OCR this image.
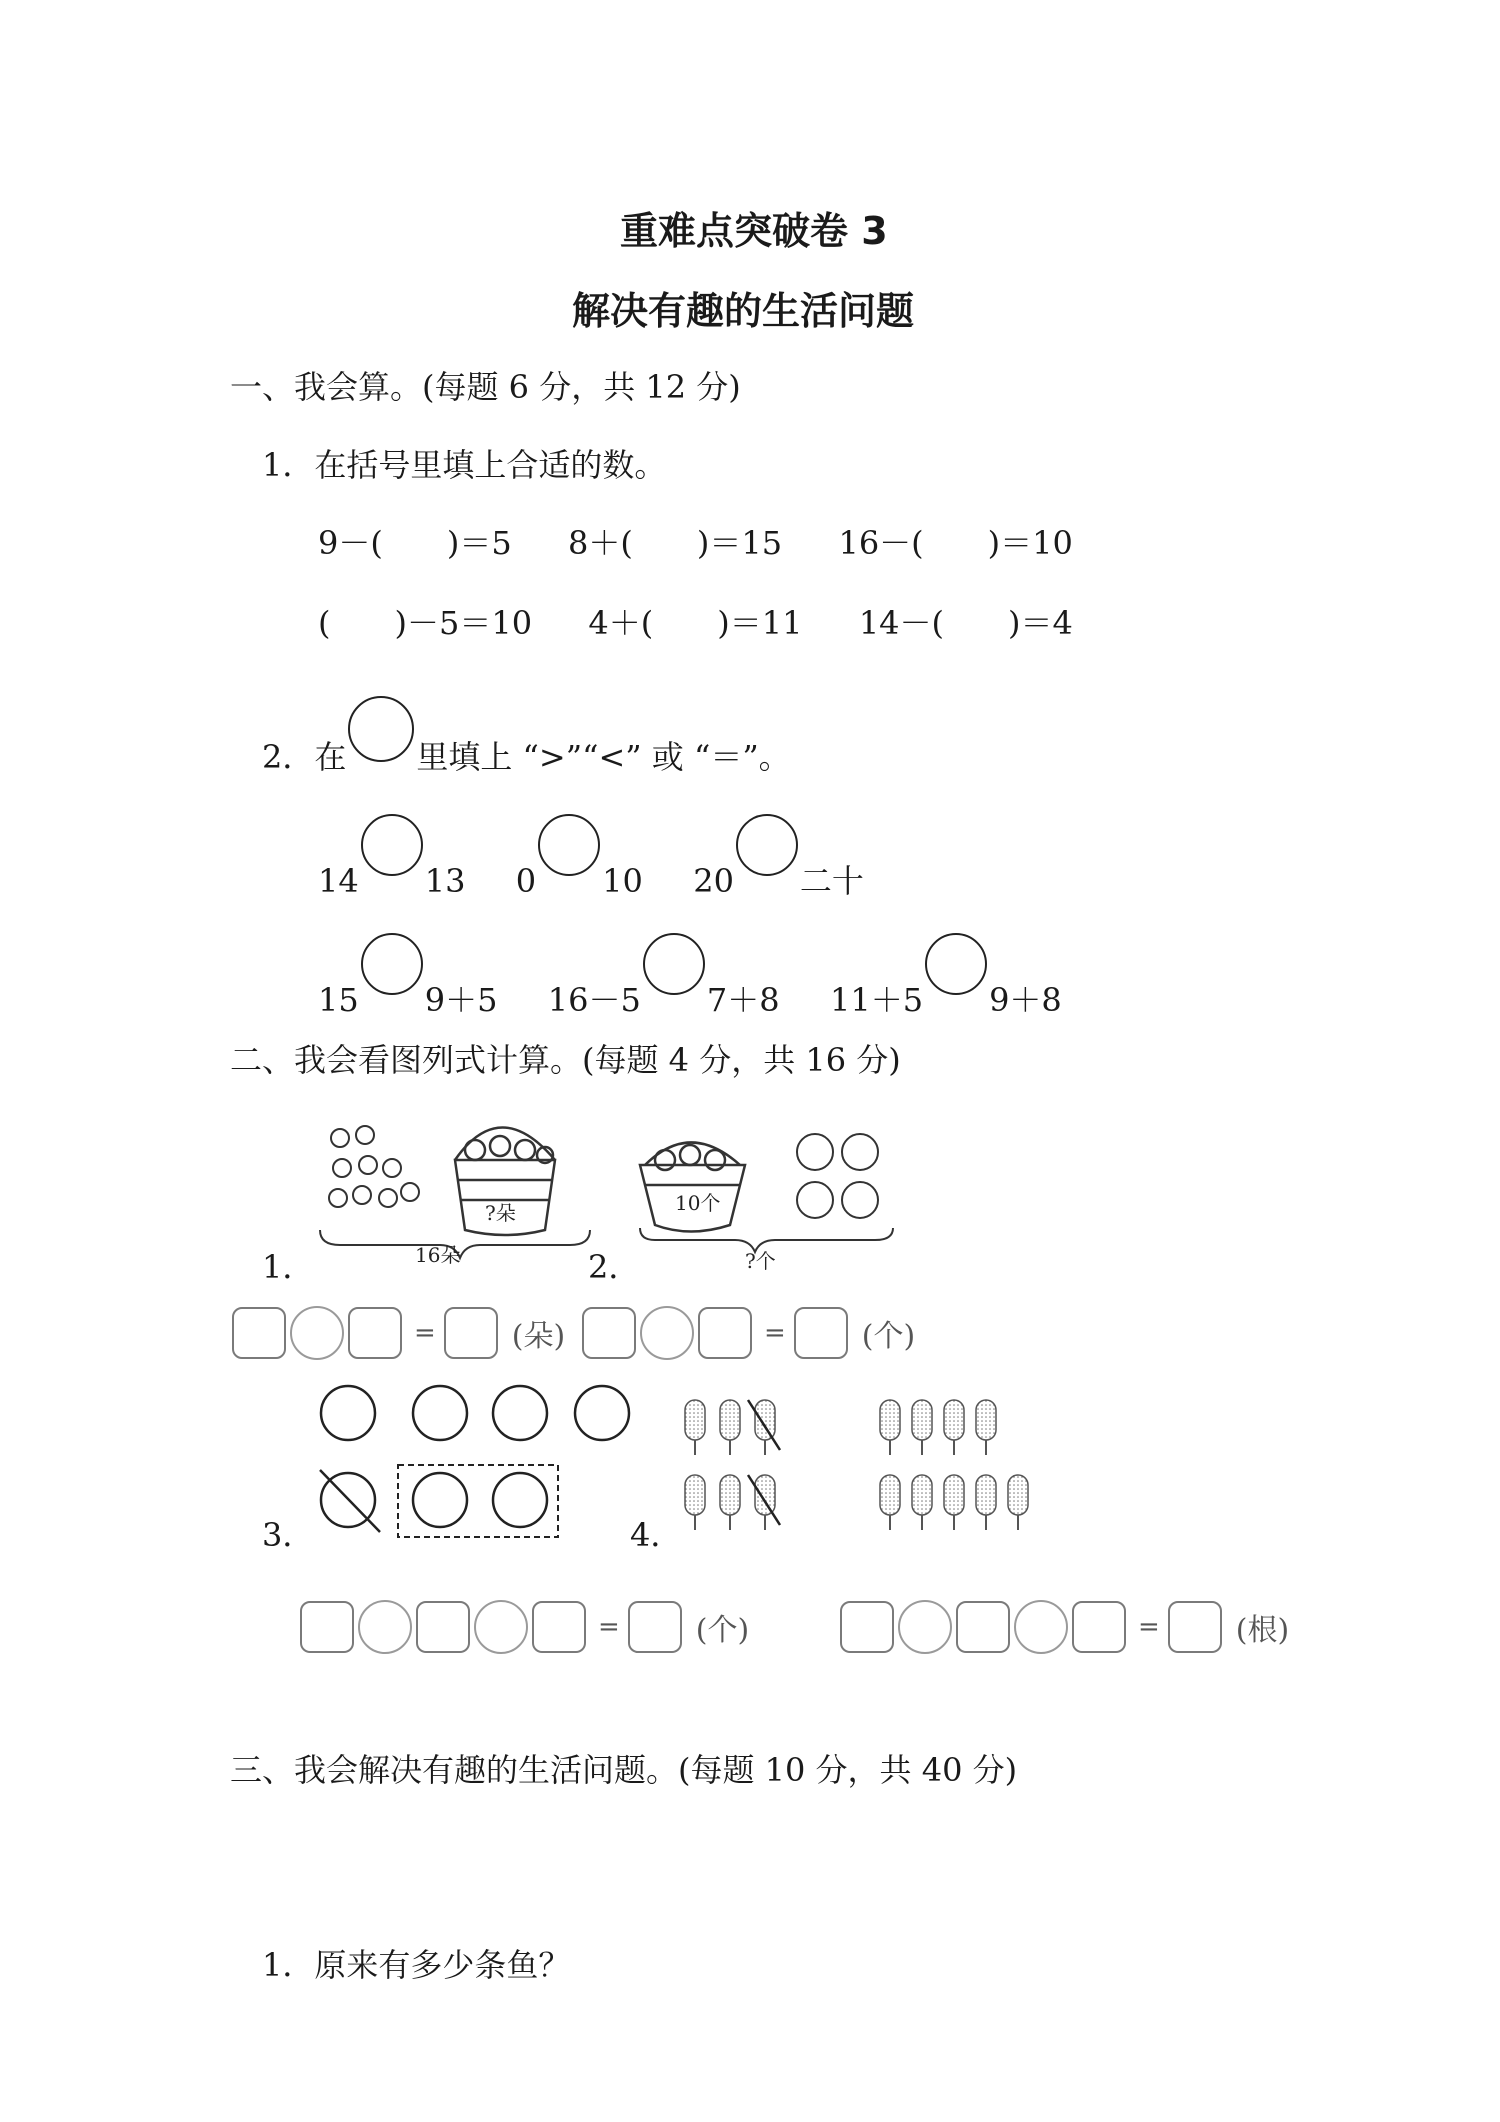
重难点突破卷 3
解决有趣的生活问题
一、我会算。(每题 6 分，共 12 分)
1．在括号里填上合适的数。
9－(　　)＝5 8＋(　　)＝15 16－(　　)＝10
(　　)－5＝10 4＋(　　)＝11 14－(　　)＝4
2．在 里填上 “>”“<” 或 “＝”。
14 13 0 10 20 二十
15 9＋5 16－5 7＋8 11＋5 9＋8
二、我会看图列式计算。(每题 4 分，共 16 分)
?朵
16朵
1．
10个
?个
2．
=	(朵)	=	(个)
3．	4．
=	(个)	=	(根)
三、我会解决有趣的生活问题。(每题 10 分，共 40 分)
1．原来有多少条鱼？
